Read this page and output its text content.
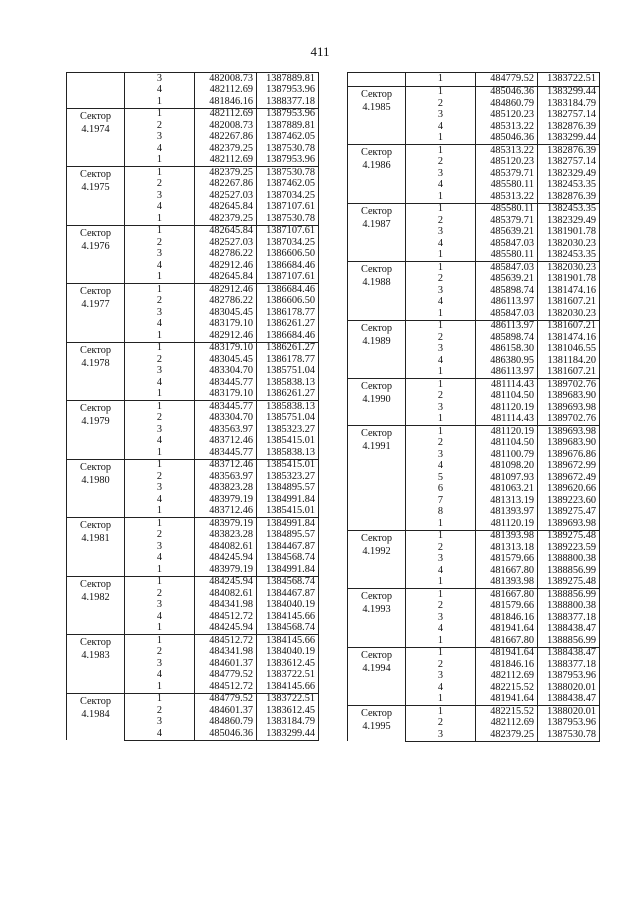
411
	3	482008.73	1387889.81
	4	482112.69	1387953.96
	1	481846.16	1388377.18

Сектор
4.1974	1	482112.69	1387953.96
	2	482008.73	1387889.81
	3	482267.86	1387462.05
	4	482379.25	1387530.78
	1	482112.69	1387953.96

Сектор
4.1975	1	482379.25	1387530.78
	2	482267.86	1387462.05
	3	482527.03	1387034.25
	4	482645.84	1387107.61
	1	482379.25	1387530.78

Сектор
4.1976	1	482645.84	1387107.61
	2	482527.03	1387034.25
	3	482786.22	1386606.50
	4	482912.46	1386684.46
	1	482645.84	1387107.61

Сектор
4.1977	1	482912.46	1386684.46
	2	482786.22	1386606.50
	3	483045.45	1386178.77
	4	483179.10	1386261.27
	1	482912.46	1386684.46

Сектор
4.1978	1	483179.10	1386261.27
	2	483045.45	1386178.77
	3	483304.70	1385751.04
	4	483445.77	1385838.13
	1	483179.10	1386261.27

Сектор
4.1979	1	483445.77	1385838.13
	2	483304.70	1385751.04
	3	483563.97	1385323.27
	4	483712.46	1385415.01
	1	483445.77	1385838.13

Сектор
4.1980	1	483712.46	1385415.01
	2	483563.97	1385323.27
	3	483823.28	1384895.57
	4	483979.19	1384991.84
	1	483712.46	1385415.01

Сектор
4.1981	1	483979.19	1384991.84
	2	483823.28	1384895.57
	3	484082.61	1384467.87
	4	484245.94	1384568.74
	1	483979.19	1384991.84

Сектор
4.1982	1	484245.94	1384568.74
	2	484082.61	1384467.87
	3	484341.98	1384040.19
	4	484512.72	1384145.66
	1	484245.94	1384568.74

Сектор
4.1983	1	484512.72	1384145.66
	2	484341.98	1384040.19
	3	484601.37	1383612.45
	4	484779.52	1383722.51
	1	484512.72	1384145.66

Сектор
4.1984	1	484779.52	1383722.51
	2	484601.37	1383612.45
	3	484860.79	1383184.79
	4	485046.36	1383299.44
	1	484779.52	1383722.51

Сектор
4.1985	1	485046.36	1383299.44
	2	484860.79	1383184.79
	3	485120.23	1382757.14
	4	485313.22	1382876.39
	1	485046.36	1383299.44

Сектор
4.1986	1	485313.22	1382876.39
	2	485120.23	1382757.14
	3	485379.71	1382329.49
	4	485580.11	1382453.35
	1	485313.22	1382876.39

Сектор
4.1987	1	485580.11	1382453.35
	2	485379.71	1382329.49
	3	485639.21	1381901.78
	4	485847.03	1382030.23
	1	485580.11	1382453.35

Сектор
4.1988	1	485847.03	1382030.23
	2	485639.21	1381901.78
	3	485898.74	1381474.16
	4	486113.97	1381607.21
	1	485847.03	1382030.23

Сектор
4.1989	1	486113.97	1381607.21
	2	485898.74	1381474.16
	3	486158.30	1381046.55
	4	486380.95	1381184.20
	1	486113.97	1381607.21

Сектор
4.1990	1	481114.43	1389702.76
	2	481104.50	1389683.90
	3	481120.19	1389693.98
	1	481114.43	1389702.76

Сектор
4.1991	1	481120.19	1389693.98
	2	481104.50	1389683.90
	3	481100.79	1389676.86
	4	481098.20	1389672.99
	5	481097.93	1389672.49
	6	481063.21	1389620.66
	7	481313.19	1389223.60
	8	481393.97	1389275.47
	1	481120.19	1389693.98

Сектор
4.1992	1	481393.98	1389275.48
	2	481313.18	1389223.59
	3	481579.66	1388800.38
	4	481667.80	1388856.99
	1	481393.98	1389275.48

Сектор
4.1993	1	481667.80	1388856.99
	2	481579.66	1388800.38
	3	481846.16	1388377.18
	4	481941.64	1388438.47
	1	481667.80	1388856.99

Сектор
4.1994	1	481941.64	1388438.47
	2	481846.16	1388377.18
	3	482112.69	1387953.96
	4	482215.52	1388020.01
	1	481941.64	1388438.47

Сектор
4.1995	1	482215.52	1388020.01
	2	482112.69	1387953.96
	3	482379.25	1387530.78
